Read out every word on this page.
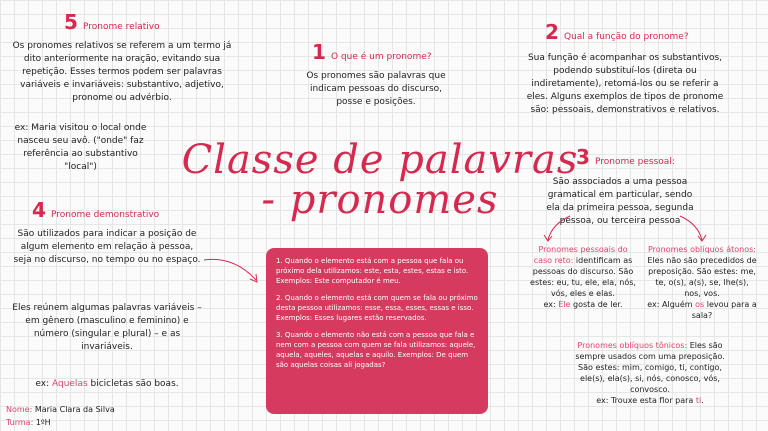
5 Pronome relativo
Os pronomes relativos se referem a um termo já dito anteriormente na oração, evitando sua repetição. Esses termos podem ser palavras variáveis e invariáveis: substantivo, adjetivo, pronome ou advérbio.
ex: Maria visitou o local onde nasceu seu avô. ("onde" faz referência ao substantivo "local")
1 O que é um pronome?
Os pronomes são palavras que indicam pessoas do discurso, posse e posições.
2 Qual a função do pronome?
Sua função é acompanhar os substantivos, podendo substituí-los (direta ou indiretamente), retomá-los ou se referir a eles. Alguns exemplos de tipos de pronome são: pessoais, demonstrativos e relativos.
Classe de palavras
- pronomes
3 Pronome pessoal:
São associados a uma pessoa gramatical em particular, sendo ela da primeira pessoa, segunda pessoa, ou terceira pessoa
Pronomes pessoais do caso reto: identificam as pessoas do discurso. São estes: eu, tu, ele, ela, nós, vós, eles e elas.
ex: Ele gosta de ler.
Pronomes oblíquos átonos: Eles não são precedidos de preposição. São estes: me, te, o(s), a(s), se, lhe(s), nos, vos.
ex: Alguém os levou para a sala?
Pronomes oblíquos tônicos: Eles são sempre usados com uma preposição. São estes: mim, comigo, ti, contigo, ele(s), ela(s), si, nós, conosco, vós, convosco.
ex: Trouxe esta flor para ti.
4 Pronome demonstrativo
São utilizados para indicar a posição de algum elemento em relação à pessoa, seja no discurso, no tempo ou no espaço.
Eles reúnem algumas palavras variáveis – em gênero (masculino e feminino) e número (singular e plural) – e as invariáveis.
ex: Aquelas bicicletas são boas.

1. Quando o elemento está com a pessoa que fala ou próximo dela utilizamos: este, esta, estes, estas e isto. Exemplos: Este computador é meu.

2. Quando o elemento está com quem se fala ou próximo desta pessoa utilizamos: esse, essa, esses, essas e isso. Exemplos: Esses lugares estão reservados.

3. Quando o elemento não está com a pessoa que fala e nem com a pessoa com quem se fala utilizamos: aquele, aquela, aqueles, aquelas e aquilo. Exemplos: De quem são aquelas coisas ali jogadas?

Nome: Maria Clara da Silva
Turma: 1ºH
